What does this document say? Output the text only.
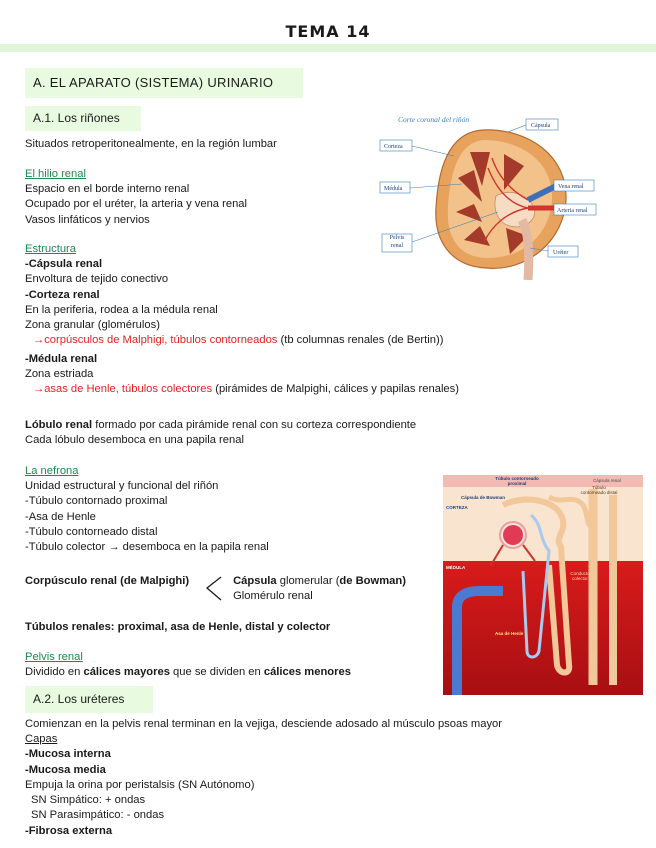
TEMA 14
A. EL APARATO (SISTEMA) URINARIO
A.1. Los riñones
Situados retroperitonealmente, en la región lumbar
El hilio renal
Espacio en el borde interno renal
Ocupado por el uréter, la arteria y vena renal
Vasos linfáticos y nervios
Estructura
-Cápsula renal
Envoltura de tejido conectivo
-Corteza renal
En la periferia, rodea a la médula renal
Zona granular (glomérulos)
→corpúsculos de Malphigi, túbulos contorneados (tb columnas renales (de Bertin))
-Médula renal
Zona estriada
→asas de Henle, túbulos colectores (pirámides de Malpighi, cálices y papilas renales)
Lóbulo renal formado por cada pirámide renal con su corteza correspondiente
Cada lóbulo desemboca en una papila renal
La nefrona
Unidad estructural y funcional del riñón
-Túbulo contornado proximal
-Asa de Henle
-Túbulo contorneado distal
-Túbulo colector → desemboca en la papila renal
Corpúsculo renal (de Malpighi)	Cápsula glomerular (de Bowman)
Glomérulo renal
Túbulos renales: proximal, asa de Henle, distal y colector
Pelvis renal
Dividido en cálices mayores que se dividen en cálices menores
A.2. Los uréteres
Comienzan en la pelvis renal terminan en la vejiga, desciende adosado al músculo psoas mayor
Capas
-Mucosa interna
-Mucosa media
Empuja la orina por peristalsis (SN Autónomo)
SN Simpático: + ondas
SN Parasimpático: - ondas
-Fibrosa externa
Corte coronal del riñón
Cápsula
Corteza
Médula
Pelvis renal
Vena renal
Arteria renal
Uréter
Túbulo contorneado proximal
Cápsula renal
Cápsula de Bowman
CORTEZA
Túbulo contorneado distal
MÉDULA
Asa de Henle
Conducto colector
